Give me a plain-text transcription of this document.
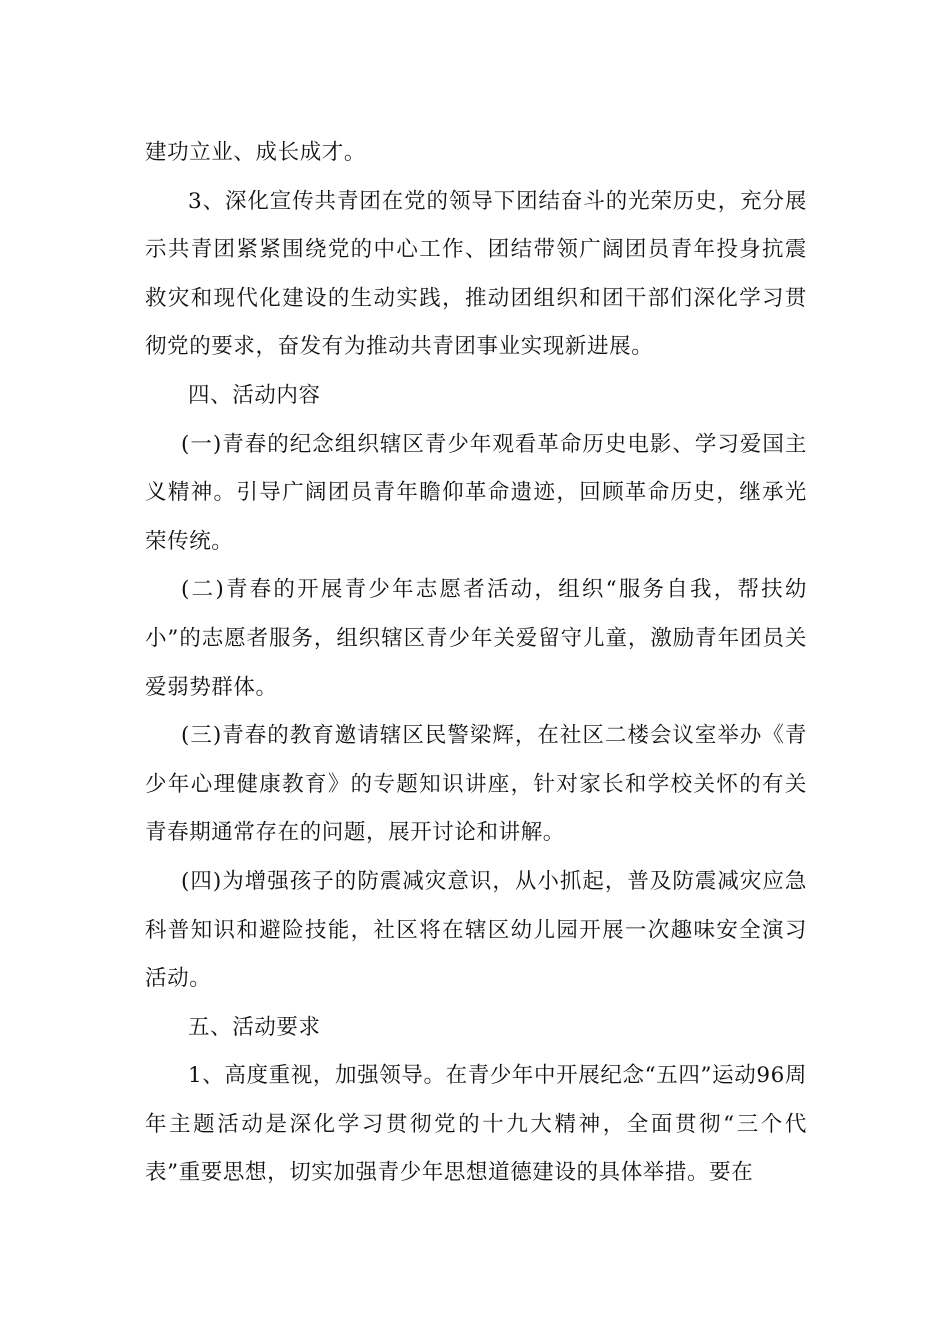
建功立业、成长成才。

3、深化宣传共青团在党的领导下团结奋斗的光荣历史，充分展示共青团紧紧围绕党的中心工作、团结带领广阔团员青年投身抗震救灾和现代化建设的生动实践，推动团组织和团干部们深化学习贯彻党的要求，奋发有为推动共青团事业实现新进展。

四、活动内容

(一)青春的纪念组织辖区青少年观看革命历史电影、学习爱国主义精神。引导广阔团员青年瞻仰革命遗迹，回顾革命历史，继承光荣传统。

(二)青春的开展青少年志愿者活动，组织“服务自我，帮扶幼小”的志愿者服务，组织辖区青少年关爱留守儿童，激励青年团员关爱弱势群体。

(三)青春的教育邀请辖区民警梁辉，在社区二楼会议室举办《青少年心理健康教育》的专题知识讲座，针对家长和学校关怀的有关青春期通常存在的问题，展开讨论和讲解。

(四)为增强孩子的防震减灾意识，从小抓起，普及防震减灾应急科普知识和避险技能，社区将在辖区幼儿园开展一次趣味安全演习活动。

五、活动要求

1、高度重视，加强领导。在青少年中开展纪念“五四”运动96周年主题活动是深化学习贯彻党的十九大精神，全面贯彻“三个代表”重要思想，切实加强青少年思想道德建设的具体举措。要在
